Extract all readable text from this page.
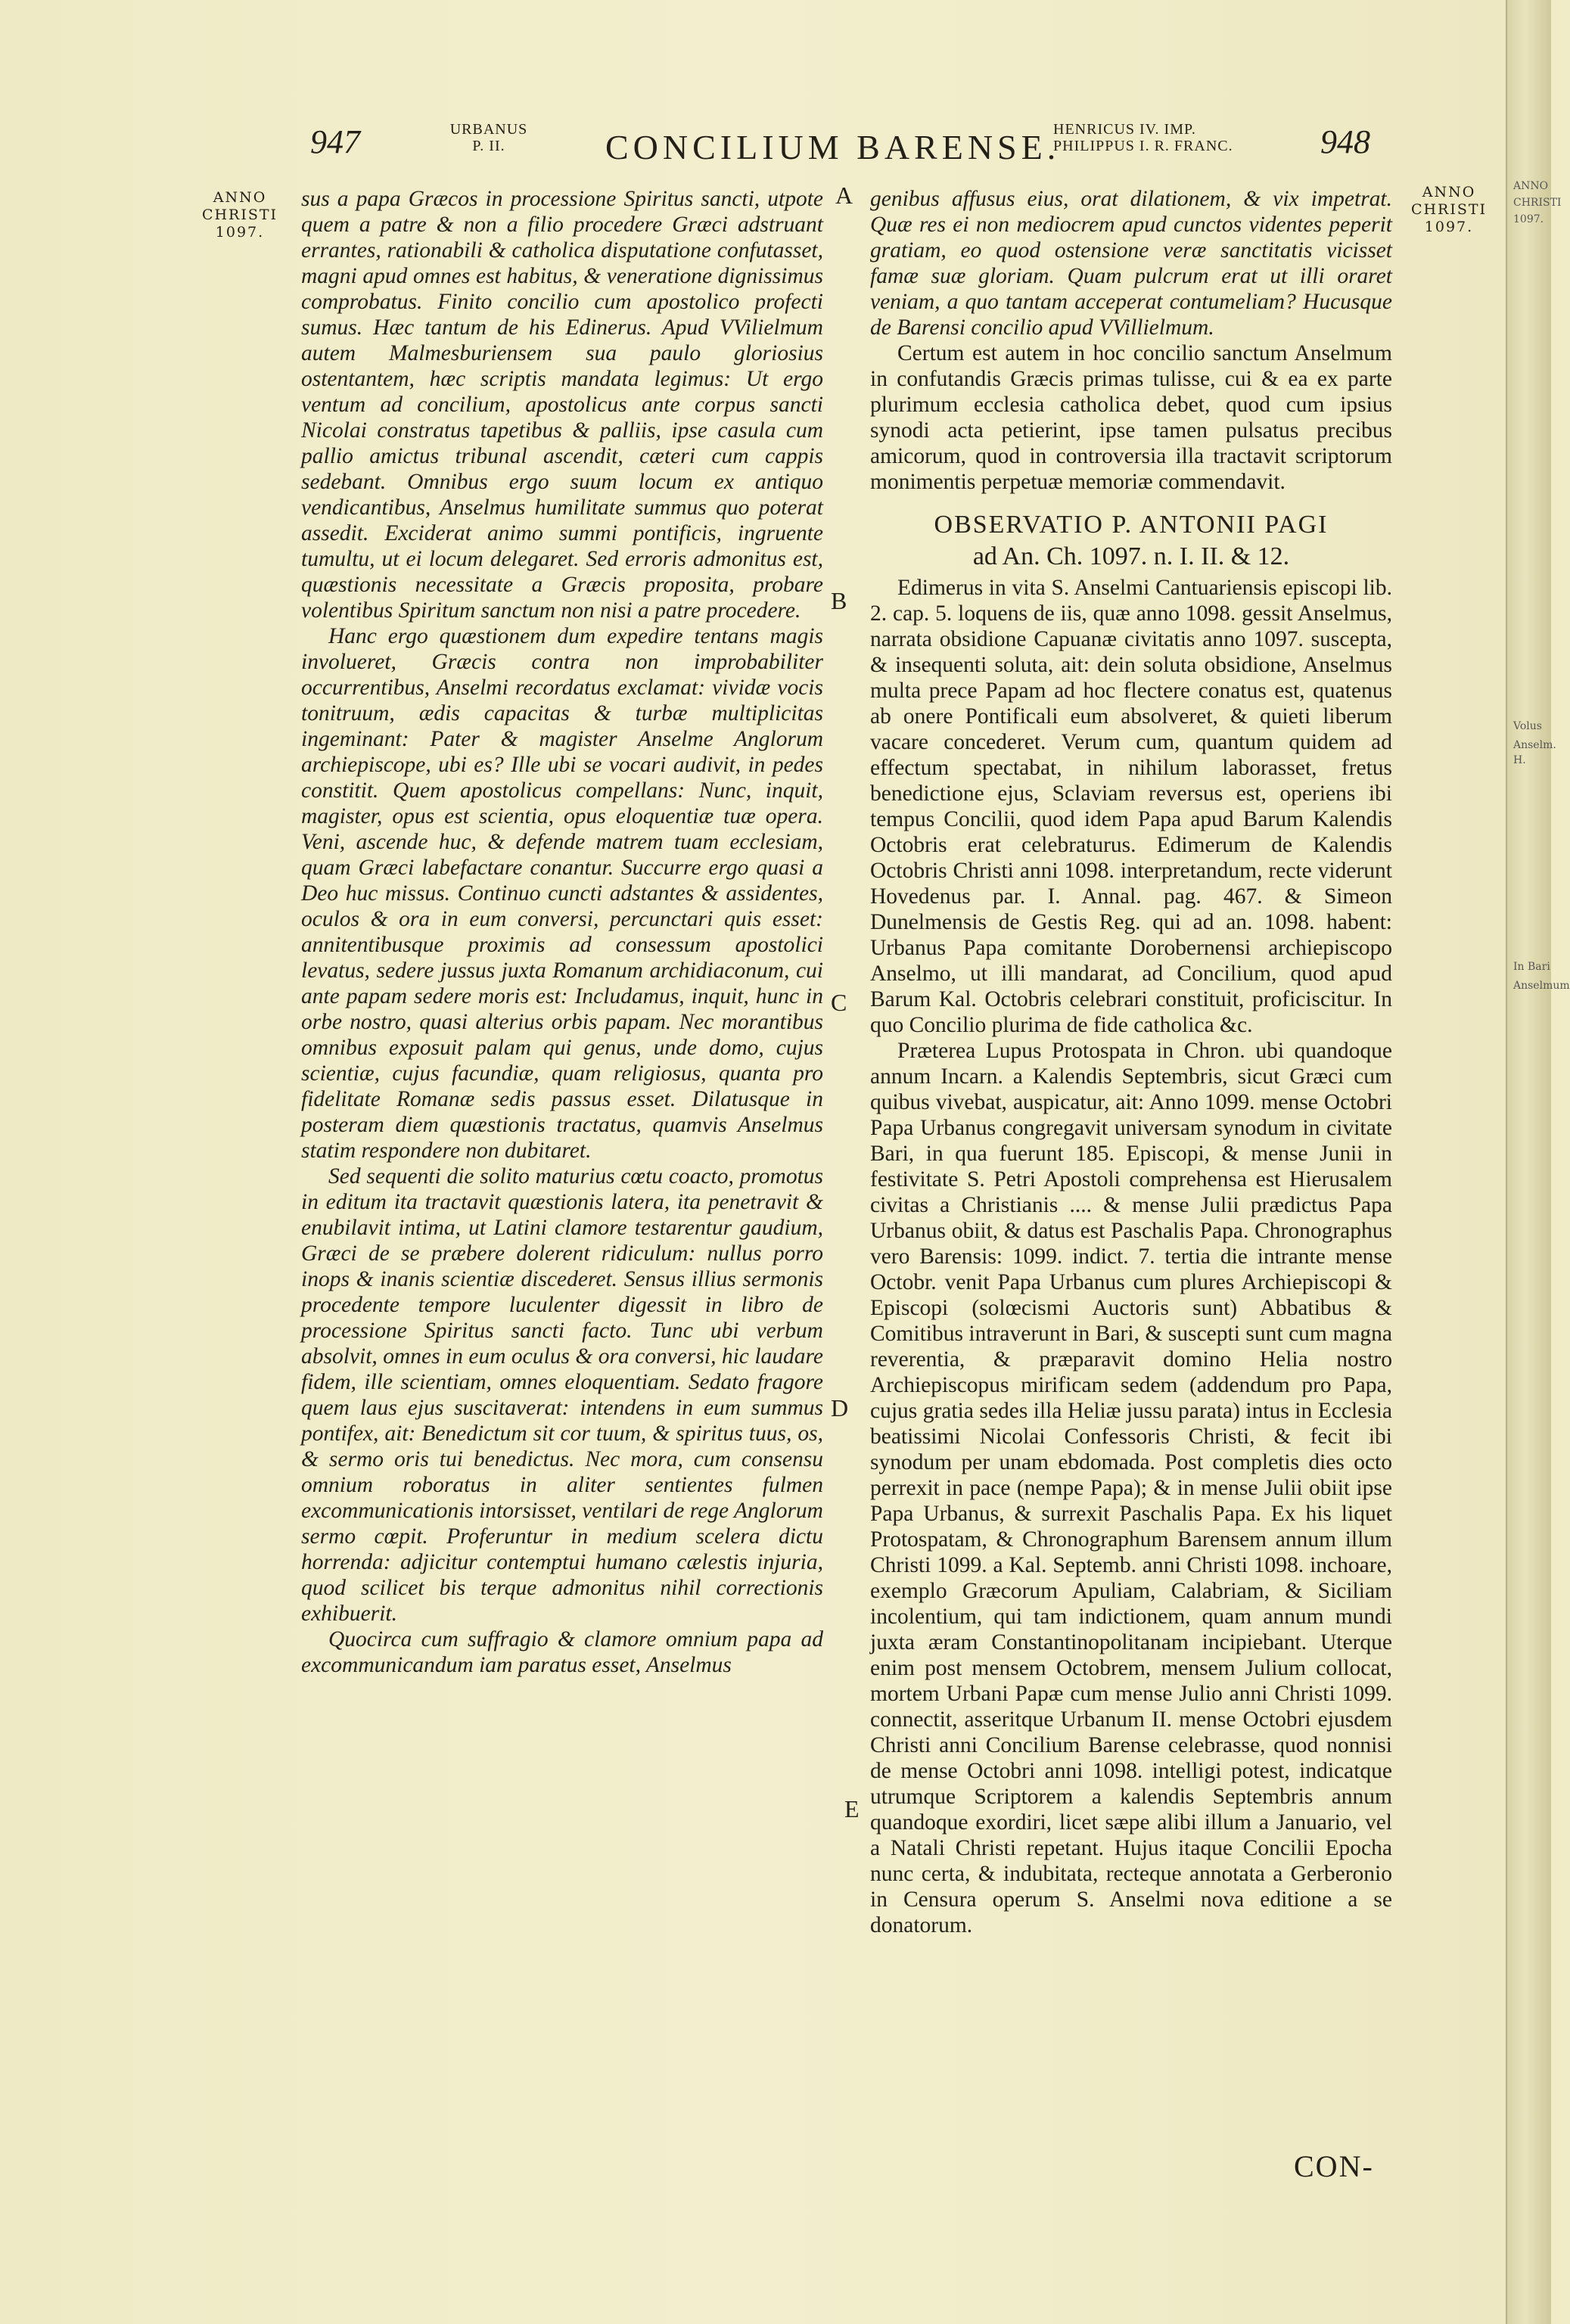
947	URBANUS
P. II.	CONCILIUM BARENSE.
HENRICUS IV. IMP.
PHILIPPUS I. R. FRANC.	948
ANNO
CHRISTI
1097.
ANNO
CHRISTI
1097.
A
B
C
D
E

sus a papa Græcos in processione Spiritus sancti, utpote quem a patre & non a filio procedere Græci adstruant errantes, rationabili & catholica disputatione confutasset, magni apud omnes est habitus, & veneratione dignissimus comprobatus. Finito concilio cum apostolico profecti sumus. Hæc tantum de his Edinerus. Apud VVilielmum autem Malmesburiensem sua paulo gloriosius ostentantem, hæc scriptis mandata legimus: Ut ergo ventum ad concilium, apostolicus ante corpus sancti Nicolai constratus tapetibus & palliis, ipse casula cum pallio amictus tribunal ascendit, cæteri cum cappis sedebant. Omnibus ergo suum locum ex antiquo vendicantibus, Anselmus humilitate summus quo poterat assedit. Exciderat animo summi pontificis, ingruente tumultu, ut ei locum delegaret. Sed erroris admonitus est, quæstionis necessitate a Græcis proposita, probare volentibus Spiritum sanctum non nisi a patre procedere.

Hanc ergo quæstionem dum expedire tentans magis involueret, Græcis contra non improbabiliter occurrentibus, Anselmi recordatus exclamat: vividæ vocis tonitruum, ædis capacitas & turbæ multiplicitas ingeminant: Pater & magister Anselme Anglorum archiepiscope, ubi es? Ille ubi se vocari audivit, in pedes constitit. Quem apostolicus compellans: Nunc, inquit, magister, opus est scientia, opus eloquentiæ tuæ opera. Veni, ascende huc, & defende matrem tuam ecclesiam, quam Græci labefactare conantur. Succurre ergo quasi a Deo huc missus. Continuo cuncti adstantes & assidentes, oculos & ora in eum conversi, percunctari quis esset: annitentibusque proximis ad consessum apostolici levatus, sedere jussus juxta Romanum archidiaconum, cui ante papam sedere moris est: Includamus, inquit, hunc in orbe nostro, quasi alterius orbis papam. Nec morantibus omnibus exposuit palam qui genus, unde domo, cujus scientiæ, cujus facundiæ, quam religiosus, quanta pro fidelitate Romanæ sedis passus esset. Dilatusque in posteram diem quæstionis tractatus, quamvis Anselmus statim respondere non dubitaret.

Sed sequenti die solito maturius cœtu coacto, promotus in editum ita tractavit quæstionis latera, ita penetravit & enubilavit intima, ut Latini clamore testarentur gaudium, Græci de se præbere dolerent ridiculum: nullus porro inops & inanis scientiæ discederet. Sensus illius sermonis procedente tempore luculenter digessit in libro de processione Spiritus sancti facto. Tunc ubi verbum absolvit, omnes in eum oculus & ora conversi, hic laudare fidem, ille scientiam, omnes eloquentiam. Sedato fragore quem laus ejus suscitaverat: intendens in eum summus pontifex, ait: Benedictum sit cor tuum, & spiritus tuus, os, & sermo oris tui benedictus. Nec mora, cum consensu omnium roboratus in aliter sentientes fulmen excommunicationis intorsisset, ventilari de rege Anglorum sermo cœpit. Proferuntur in medium scelera dictu horrenda: adjicitur contemptui humano cælestis injuria, quod scilicet bis terque admonitus nihil correctionis exhibuerit.

Quocirca cum suffragio & clamore omnium papa ad excommunicandum iam paratus esset, Anselmus

genibus affusus eius, orat dilationem, & vix impetrat. Quæ res ei non mediocrem apud cunctos videntes peperit gratiam, eo quod ostensione veræ sanctitatis vicisset famæ suæ gloriam. Quam pulcrum erat ut illi oraret veniam, a quo tantam acceperat contumeliam? Hucusque de Barensi concilio apud VVillielmum.

Certum est autem in hoc concilio sanctum Anselmum in confutandis Græcis primas tulisse, cui & ea ex parte plurimum ecclesia catholica debet, quod cum ipsius synodi acta petierint, ipse tamen pulsatus precibus amicorum, quod in controversia illa tractavit scriptorum monimentis perpetuæ memoriæ commendavit.

OBSERVATIO P. ANTONII PAGI

ad An. Ch. 1097. n. I. II. & 12.

Edimerus in vita S. Anselmi Cantuariensis episcopi lib. 2. cap. 5. loquens de iis, quæ anno 1098. gessit Anselmus, narrata obsidione Capuanæ civitatis anno 1097. suscepta, & insequenti soluta, ait: dein soluta obsidione, Anselmus multa prece Papam ad hoc flectere conatus est, quatenus ab onere Pontificali eum absolveret, & quieti liberum vacare concederet. Verum cum, quantum quidem ad effectum spectabat, in nihilum laborasset, fretus benedictione ejus, Sclaviam reversus est, operiens ibi tempus Concilii, quod idem Papa apud Barum Kalendis Octobris erat celebraturus. Edimerum de Kalendis Octobris Christi anni 1098. interpretandum, recte viderunt Hovedenus par. I. Annal. pag. 467. & Simeon Dunelmensis de Gestis Reg. qui ad an. 1098. habent: Urbanus Papa comitante Dorobernensi archiepiscopo Anselmo, ut illi mandarat, ad Concilium, quod apud Barum Kal. Octobris celebrari constituit, proficiscitur. In quo Concilio plurima de fide catholica &c.

Præterea Lupus Protospata in Chron. ubi quandoque annum Incarn. a Kalendis Septembris, sicut Græci cum quibus vivebat, auspicatur, ait: Anno 1099. mense Octobri Papa Urbanus congregavit universam synodum in civitate Bari, in qua fuerunt 185. Episcopi, & mense Junii in festivitate S. Petri Apostoli comprehensa est Hierusalem civitas a Christianis .... & mense Julii prædictus Papa Urbanus obiit, & datus est Paschalis Papa. Chronographus vero Barensis: 1099. indict. 7. tertia die intrante mense Octobr. venit Papa Urbanus cum plures Archiepiscopi & Episcopi (solœcismi Auctoris sunt) Abbatibus & Comitibus intraverunt in Bari, & suscepti sunt cum magna reverentia, & præparavit domino Helia nostro Archiepiscopus mirificam sedem (addendum pro Papa, cujus gratia sedes illa Heliæ jussu parata) intus in Ecclesia beatissimi Nicolai Confessoris Christi, & fecit ibi synodum per unam ebdomada. Post completis dies octo perrexit in pace (nempe Papa); & in mense Julii obiit ipse Papa Urbanus, & surrexit Paschalis Papa. Ex his liquet Protospatam, & Chronographum Barensem annum illum Christi 1099. a Kal. Septemb. anni Christi 1098. inchoare, exemplo Græcorum Apuliam, Calabriam, & Siciliam incolentium, qui tam indictionem, quam annum mundi juxta æram Constantinopolitanam incipiebant. Uterque enim post mensem Octobrem, mensem Julium collocat, mortem Urbani Papæ cum mense Julio anni Christi 1099. connectit, asseritque Urbanum II. mense Octobri ejusdem Christi anni Concilium Barense celebrasse, quod nonnisi de mense Octobri anni 1098. intelligi potest, indicatque utrumque Scriptorem a kalendis Septembris annum quandoque exordiri, licet sæpe alibi illum a Januario, vel a Natali Christi repetant. Hujus itaque Concilii Epocha nunc certa, & indubitata, recteque annotata a Gerberonio in Censura operum S. Anselmi nova editione a se donatorum.

CON-
ANNO
CHRISTI
1097.
Volus
Anselm. H.
In Bari
Anselmum
